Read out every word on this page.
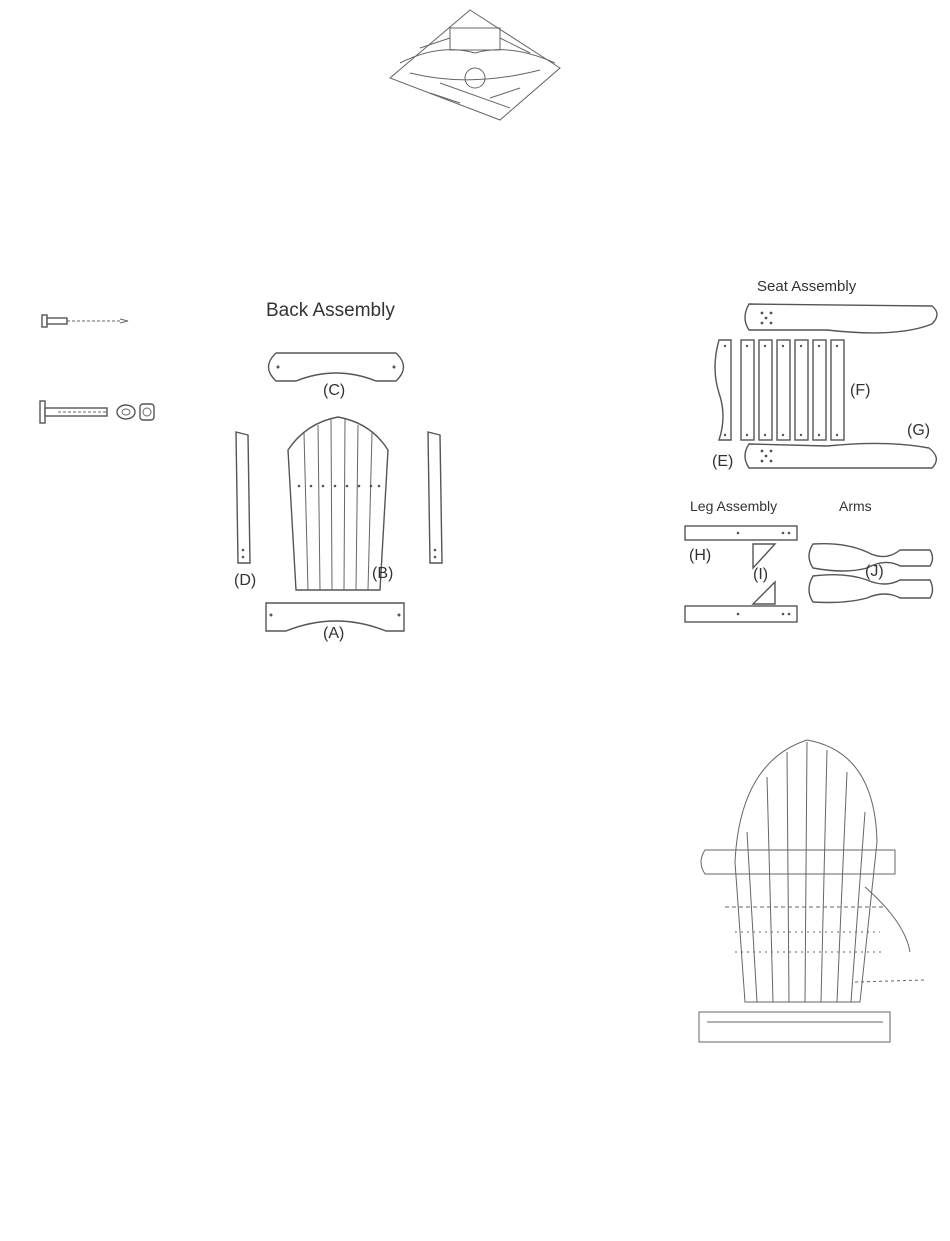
Back Assembly
(C)
(D)	(B)
(A)
Seat Assembly
(F)
(G)
(E)
Leg Assembly
(H)
(I)
Arms
(J)
